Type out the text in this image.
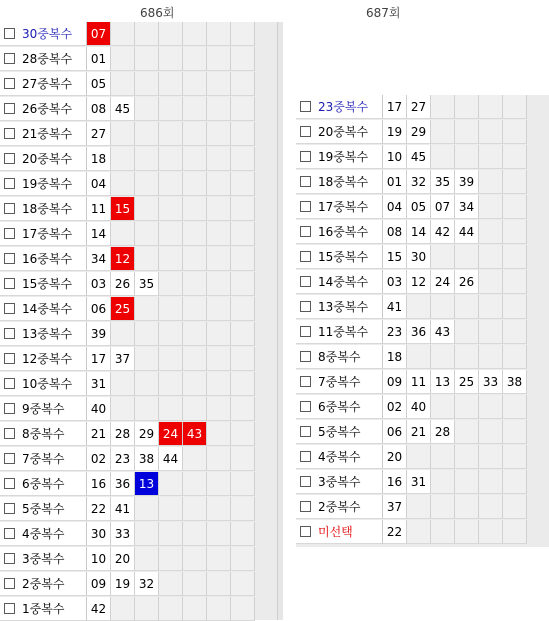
686회	687회
30중복수	07
28중복수	01
27중복수	05
26중복수	08 45
21중복수	27
20중복수	18
19중복수	04
18중복수	11 15
17중복수	14
16중복수	34 12
15중복수	03 26 35
14중복수	06 25
13중복수	39
12중복수	17 37
10중복수	31
9중복수	40
8중복수	21 28 29 24 43
7중복수	02 23 38 44
6중복수	16 36 13
5중복수	22 41
4중복수	30 33
3중복수	10 20
2중복수	09 19 32
1중복수	42
23중복수	17 27
20중복수	19 29
19중복수	10 45
18중복수	01 32 35 39
17중복수	04 05 07 34
16중복수	08 14 42 44
15중복수	15 30
14중복수	03 12 24 26
13중복수	41
11중복수	23 36 43
8중복수	18
7중복수	09 11 13 25 33 38
6중복수	02 40
5중복수	06 21 28
4중복수	20
3중복수	16 31
2중복수	37
미선택	22
